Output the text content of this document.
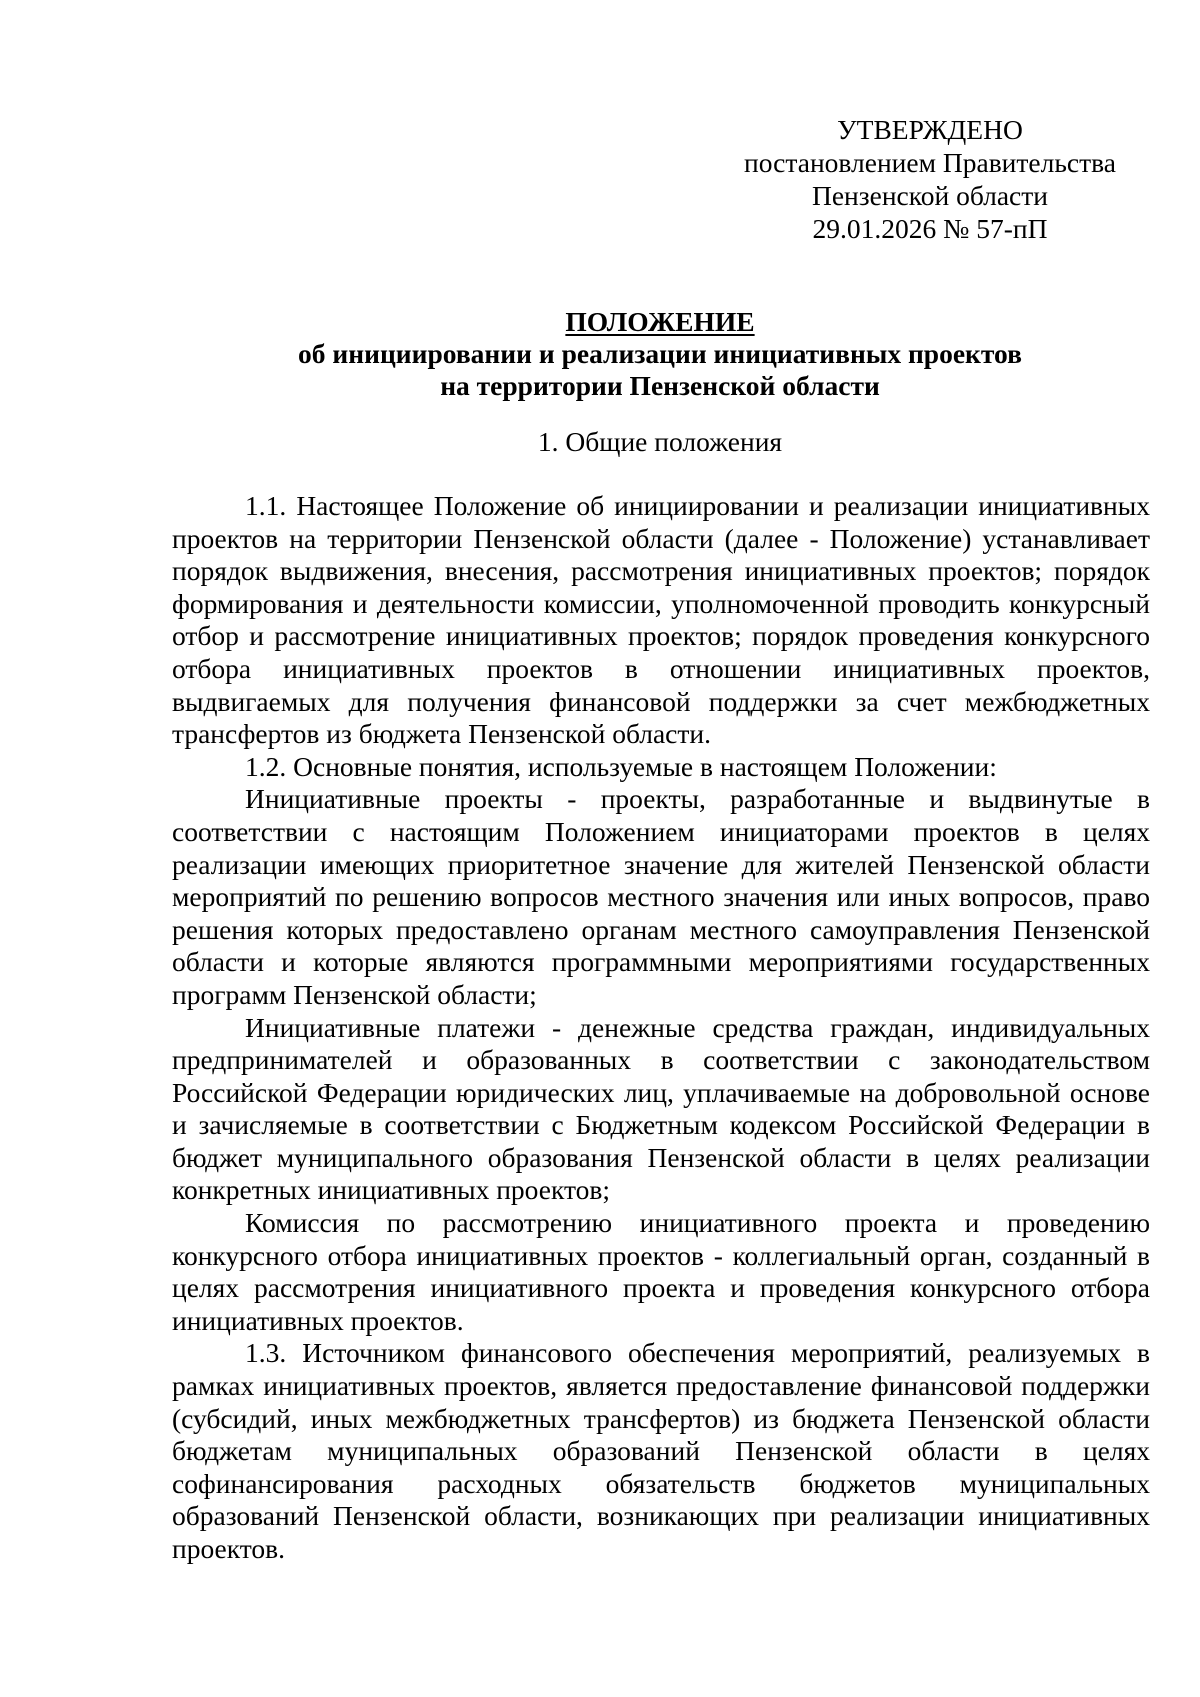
УТВЕРЖДЕНО
постановлением Правительства
Пензенской области
29.01.2026 № 57-пП
ПОЛОЖЕНИЕ
об инициировании и реализации инициативных проектов
на территории Пензенской области
1. Общие положения

1.1. Настоящее Положение об инициировании и реализации инициативных проектов на территории Пензенской области (далее - Положение) устанавливает порядок выдвижения, внесения, рассмотрения инициативных проектов; порядок формирования и деятельности комиссии, уполномоченной проводить конкурсный отбор и рассмотрение инициативных проектов; порядок проведения конкурсного отбора инициативных проектов в отношении инициативных проектов, выдвигаемых для получения финансовой поддержки за счет межбюджетных трансфертов из бюджета Пензенской области.

1.2. Основные понятия, используемые в настоящем Положении:

Инициативные проекты - проекты, разработанные и выдвинутые в соответствии с настоящим Положением инициаторами проектов в целях реализации имеющих приоритетное значение для жителей Пензенской области мероприятий по решению вопросов местного значения или иных вопросов, право решения которых предоставлено органам местного самоуправления Пензенской области и которые являются программными мероприятиями государственных программ Пензенской области;

Инициативные платежи - денежные средства граждан, индивидуальных предпринимателей и образованных в соответствии с законодательством Российской Федерации юридических лиц, уплачиваемые на добровольной основе и зачисляемые в соответствии с Бюджетным кодексом Российской Федерации в бюджет муниципального образования Пензенской области в целях реализации конкретных инициативных проектов;

Комиссия по рассмотрению инициативного проекта и проведению конкурсного отбора инициативных проектов - коллегиальный орган, созданный в целях рассмотрения инициативного проекта и проведения конкурсного отбора инициативных проектов.

1.3. Источником финансового обеспечения мероприятий, реализуемых в рамках инициативных проектов, является предоставление финансовой поддержки (субсидий, иных межбюджетных трансфертов) из бюджета Пензенской области бюджетам муниципальных образований Пензенской области в целях софинансирования расходных обязательств бюджетов муниципальных образований Пензенской области, возникающих при реализации инициативных проектов.
